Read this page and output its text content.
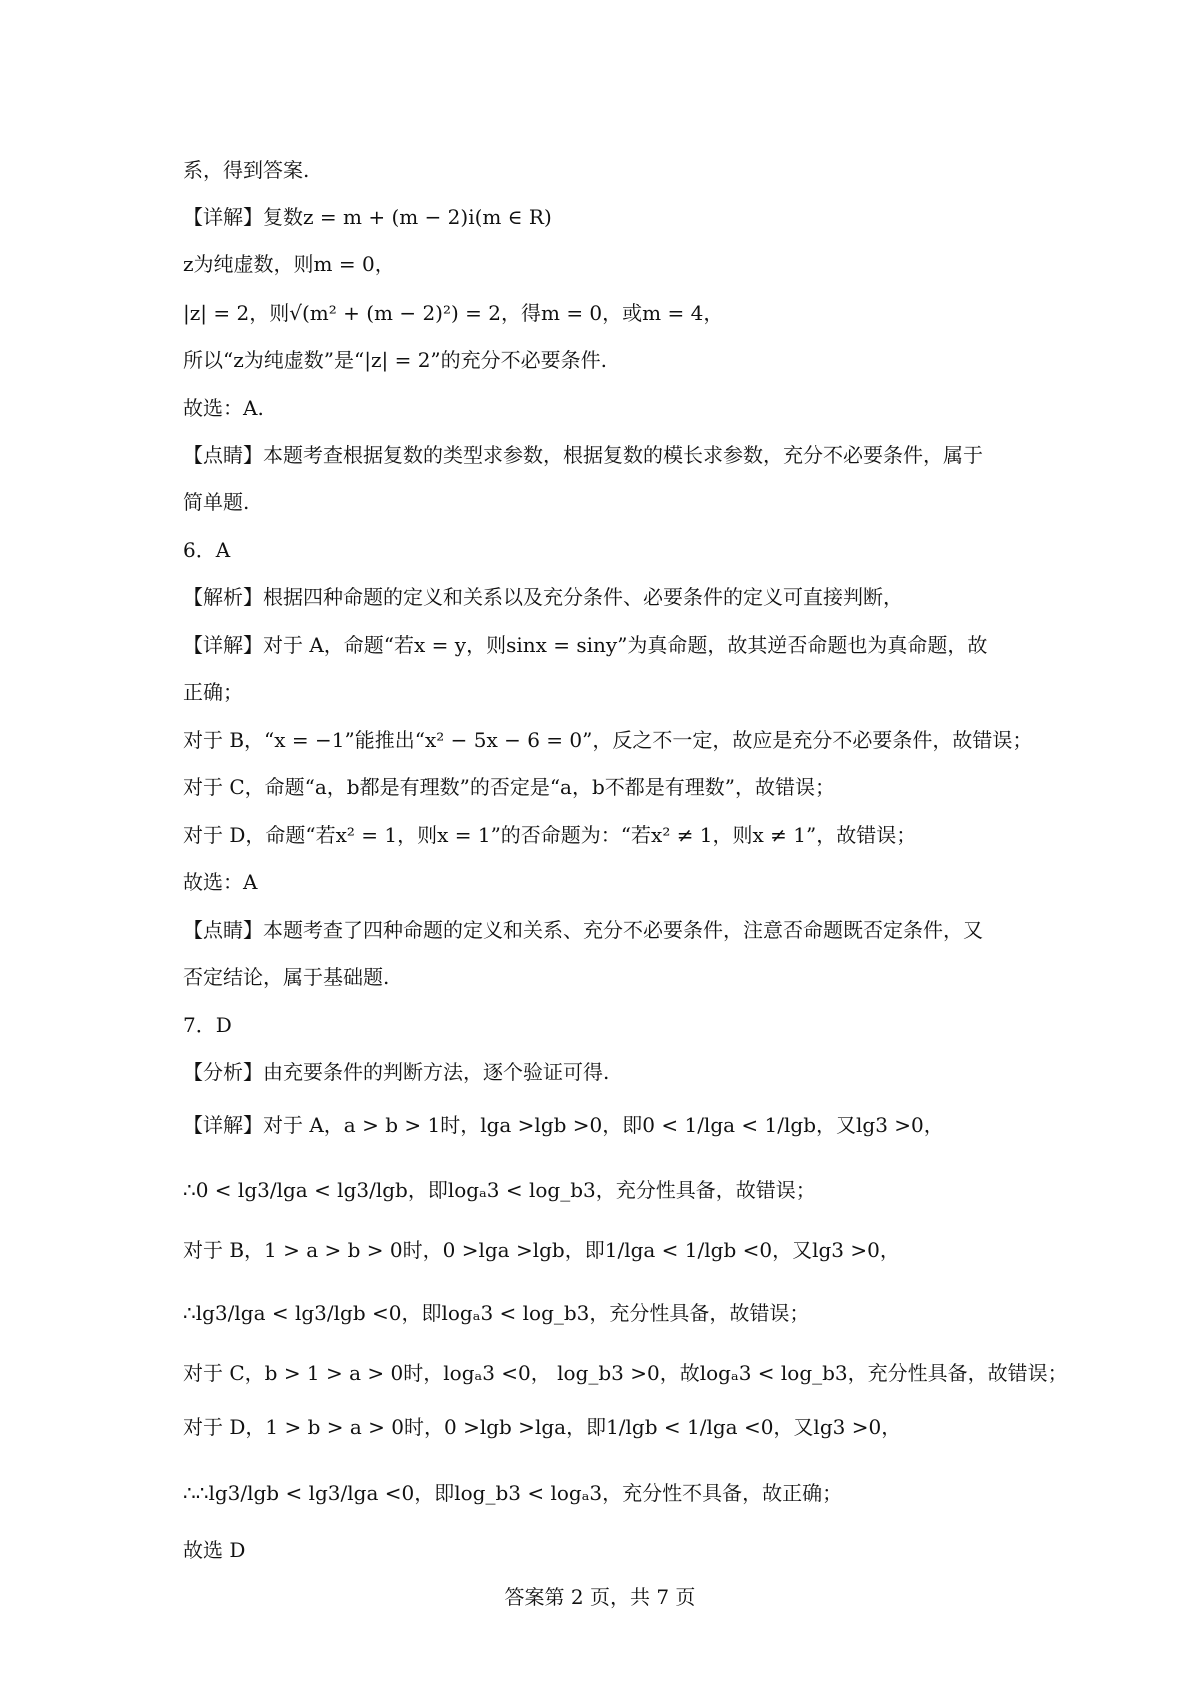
系，得到答案.
【详解】复数z = m + (m − 2)i(m ∈ R)
z为纯虚数，则m = 0，
|z| = 2，则√(m² + (m − 2)²) = 2，得m = 0，或m = 4，
所以“z为纯虚数”是“|z| = 2”的充分不必要条件.
故选：A.
【点睛】本题考查根据复数的类型求参数，根据复数的模长求参数，充分不必要条件，属于
简单题.
6．A
【解析】根据四种命题的定义和关系以及充分条件、必要条件的定义可直接判断，
【详解】对于 A，命题“若x = y，则sinx = siny”为真命题，故其逆否命题也为真命题，故
正确；
对于 B，“x = −1”能推出“x² − 5x − 6 = 0”，反之不一定，故应是充分不必要条件，故错误；
对于 C，命题“a，b都是有理数”的否定是“a，b不都是有理数”，故错误；
对于 D，命题“若x² = 1，则x = 1”的否命题为：“若x² ≠ 1，则x ≠ 1”，故错误；
故选：A
【点睛】本题考查了四种命题的定义和关系、充分不必要条件，注意否命题既否定条件，又
否定结论，属于基础题.
7．D
【分析】由充要条件的判断方法，逐个验证可得.
【详解】对于 A，a > b > 1时，lga >lgb >0，即0 < 1/lga < 1/lgb，又lg3 >0，
∴0 < lg3/lga < lg3/lgb，即logₐ3 < log_b3，充分性具备，故错误；
对于 B，1 > a > b > 0时，0 >lga >lgb，即1/lga < 1/lgb <0，又lg3 >0，
∴lg3/lga < lg3/lgb <0，即logₐ3 < log_b3，充分性具备，故错误；
对于 C，b > 1 > a > 0时，logₐ3 <0， log_b3 >0，故logₐ3 < log_b3，充分性具备，故错误；
对于 D，1 > b > a > 0时，0 >lgb >lga，即1/lgb < 1/lga <0，又lg3 >0，
∴∴lg3/lgb < lg3/lga <0，即log_b3 < logₐ3，充分性不具备，故正确；
故选 D
答案第 2 页，共 7 页
